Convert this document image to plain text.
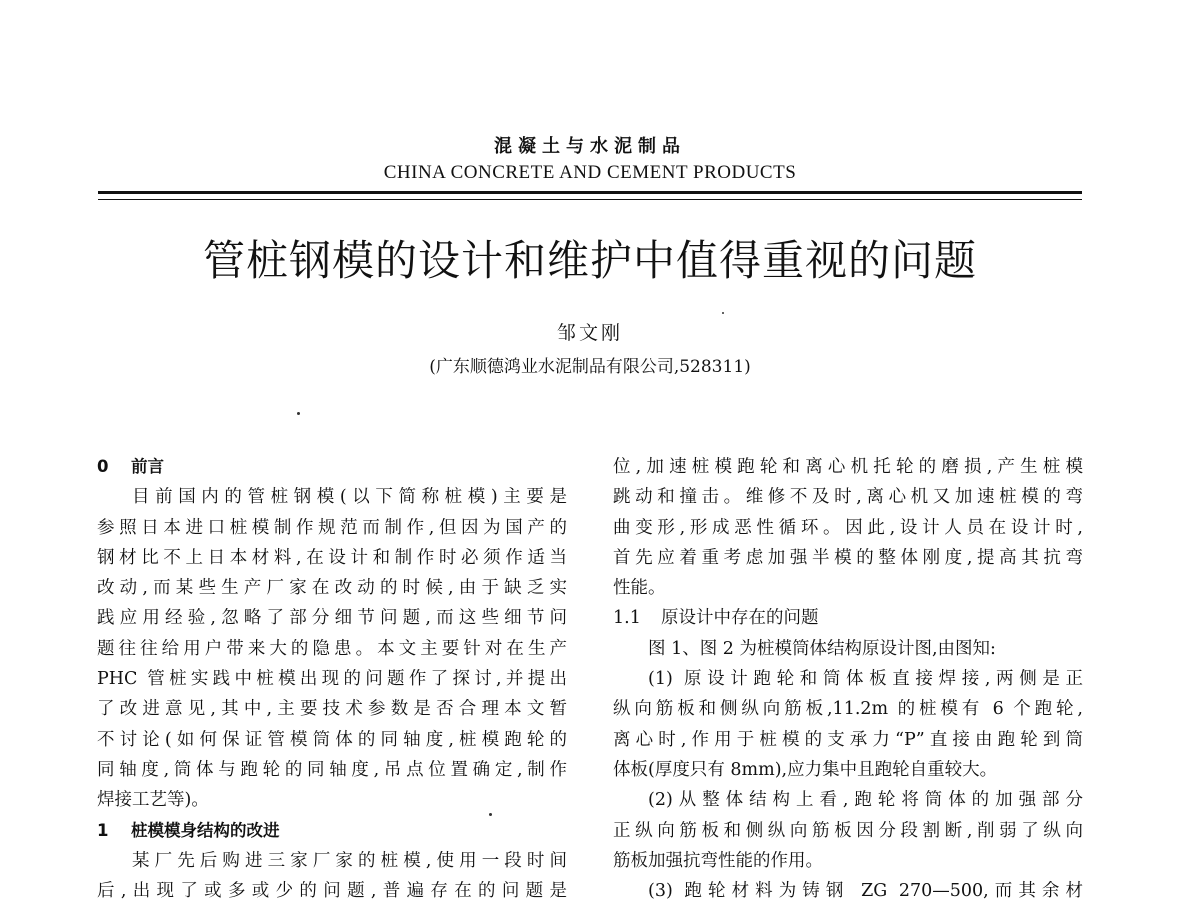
混凝土与水泥制品
CHINA CONCRETE AND CEMENT PRODUCTS
管桩钢模的设计和维护中值得重视的问题
邹文刚
(广东顺德鸿业水泥制品有限公司,528311)
0 前言

目前国内的管桩钢模(以下简称桩模)主要是

参照日本进口桩模制作规范而制作,但因为国产的

钢材比不上日本材料,在设计和制作时必须作适当

改动,而某些生产厂家在改动的时候,由于缺乏实

践应用经验,忽略了部分细节问题,而这些细节问

题往往给用户带来大的隐患。本文主要针对在生产

PHC 管桩实践中桩模出现的问题作了探讨,并提出

了改进意见,其中,主要技术参数是否合理本文暂

不讨论(如何保证管模筒体的同轴度,桩模跑轮的

同轴度,筒体与跑轮的同轴度,吊点位置确定,制作

焊接工艺等)。

1 桩模模身结构的改进

某厂先后购进三家厂家的桩模,使用一段时间

后,出现了或多或少的问题,普遍存在的问题是

位,加速桩模跑轮和离心机托轮的磨损,产生桩模

跳动和撞击。维修不及时,离心机又加速桩模的弯

曲变形,形成恶性循环。因此,设计人员在设计时,

首先应着重考虑加强半模的整体刚度,提高其抗弯

性能。

1.1 原设计中存在的问题

图 1、图 2 为桩模筒体结构原设计图,由图知:

(1) 原设计跑轮和筒体板直接焊接,两侧是正

纵向筋板和侧纵向筋板,11.2m 的桩模有 6 个跑轮,

离心时,作用于桩模的支承力“P”直接由跑轮到筒

体板(厚度只有 8mm),应力集中且跑轮自重较大。

(2)从整体结构上看,跑轮将筒体的加强部分

正纵向筋板和侧纵向筋板因分段割断,削弱了纵向

筋板加强抗弯性能的作用。

(3) 跑轮材料为铸钢 ZG 270—500,而其余材
